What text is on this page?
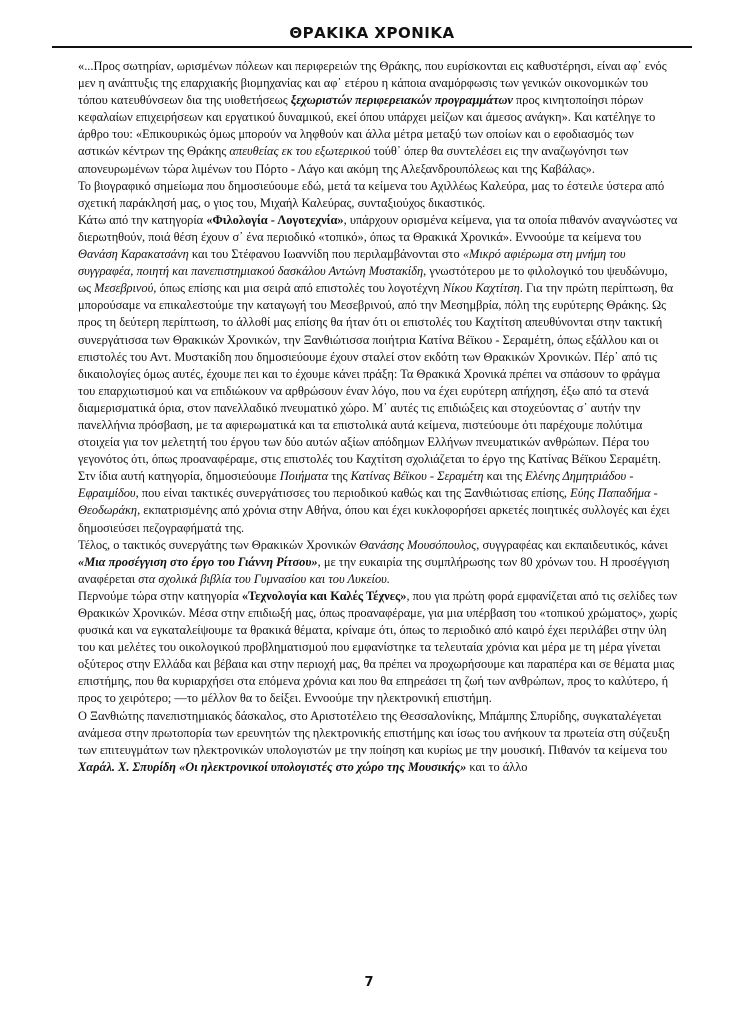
ΘΡΑΚΙΚΑ ΧΡΟΝΙΚΑ

«...Προς σωτηρίαν, ωρισμένων πόλεων και περιφερειών της Θράκης, που ευρίσκονται εις καθυστέρησι, είναι αφ᾽ ενός μεν η ανάπτυξις της επαρχιακής βιομηχανίας και αφ᾽ ετέρου η κάποια αναμόρφωσις των γενικών οικονομικών του τόπου κατευθύνσεων δια της υιοθετήσεως ξεχωριστών περιφερειακών προγραμμάτων προς κινητοποίησι πόρων κεφαλαίων επιχειρήσεων και εργατικού δυναμικού, εκεί όπου υπάρχει μείζων και άμεσος ανάγκη». Και κατέληγε το άρθρο του: «Επικουρικώς όμως μπορούν να ληφθούν και άλλα μέτρα μεταξύ των οποίων και ο εφοδιασμός των αστικών κέντρων της Θράκης απευθείας εκ του εξωτερικού τούθ᾽ όπερ θα συντελέσει εις την αναζωγόνησι των απονευρωμένων τώρα λιμένων του Πόρτο - Λάγο και ακόμη της Αλεξανδρουπόλεως και της Καβάλας».

Το βιογραφικό σημείωμα που δημοσιεύουμε εδώ, μετά τα κείμενα του Αχιλλέως Καλεύρα, μας το έστειλε ύστερα από σχετική παράκλησή μας, ο γιος του, Μιχαήλ Καλεύρας, συνταξιούχος δικαστικός.

Κάτω από την κατηγορία «Φιλολογία - Λογοτεχνία», υπάρχουν ορισμένα κείμενα, για τα οποία πιθανόν αναγνώστες να διερωτηθούν, ποιά θέση έχουν σ᾽ ένα περιοδικό «τοπικό», όπως τα Θρακικά Χρονικά». Εννοούμε τα κείμενα του Θανάση Καρακατσάνη και του Στέφανου Ιωαννίδη που περιλαμβάνονται στο «Μικρό αφιέρωμα στη μνήμη του συγγραφέα, ποιητή και πανεπιστημιακού δασκάλου Αντώνη Μυστακίδη, γνωστότερου με το φιλολογικό του ψευδώνυμο, ως Μεσεβρινού, όπως επίσης και μια σειρά από επιστολές του λογοτέχνη Νίκου Καχτίτση. Για την πρώτη περίπτωση, θα μπορούσαμε να επικαλεστούμε την καταγωγή του Μεσεβρινού, από την Μεσημβρία, πόλη της ευρύτερης Θράκης. Ως προς τη δεύτερη περίπτωση, το άλλοθί μας επίσης θα ήταν ότι οι επιστολές του Καχτίτση απευθύνονται στην τακτική συνεργάτισσα των Θρακικών Χρονικών, την Ξανθιώτισσα ποιήτρια Κατίνα Βέϊκου - Σεραμέτη, όπως εξάλλου και οι επιστολές του Αντ. Μυστακίδη που δημοσιεύουμε έχουν σταλεί στον εκδότη των Θρακικών Χρονικών. Πέρ᾽ από τις δικαιολογίες όμως αυτές, έχουμε πει και το έχουμε κάνει πράξη: Τα Θρακικά Χρονικά πρέπει να σπάσουν το φράγμα του επαρχιωτισμού και να επιδιώκουν να αρθρώσουν έναν λόγο, που να έχει ευρύτερη απήχηση, έξω από τα στενά διαμερισματικά όρια, στον πανελλαδικό πνευματικό χώρο. Μ᾽ αυτές τις επιδιώξεις και στοχεύοντας σ᾽ αυτήν την πανελλήνια πρόσβαση, με τα αφιερωματικά και τα επιστολικά αυτά κείμενα, πιστεύουμε ότι παρέχουμε πολύτιμα στοιχεία για τον μελετητή του έργου των δύο αυτών αξίων απόδημων Ελλήνων πνευματικών ανθρώπων. Πέρα του γεγονότος ότι, όπως προαναφέραμε, στις επιστολές του Καχτίτση σχολιάζεται το έργο της Κατίνας Βέϊκου Σεραμέτη.

Στν ίδια αυτή κατηγορία, δημοσιεύουμε Ποιήματα της Κατίνας Βέϊκου - Σεραμέτη και της Ελένης Δημητριάδου - Εφραιμίδου, που είναι τακτικές συνεργάτισσες του περιοδικού καθώς και της Ξανθιώτισας επίσης, Εύης Παπαδήμα - Θεοδωράκη, εκπατρισμένης από χρόνια στην Αθήνα, όπου και έχει κυκλοφορήσει αρκετές ποιητικές συλλογές και έχει δημοσιεύσει πεζογραφήματά της.

Τέλος, ο τακτικός συνεργάτης των Θρακικών Χρονικών Θανάσης Μουσόπουλος, συγγραφέας και εκπαιδευτικός, κάνει «Μια προσέγγιση στο έργο του Γιάννη Ρίτσου», με την ευκαιρία της συμπλήρωσης των 80 χρόνων του. Η προσέγγιση αναφέρεται στα σχολικά βιβλία του Γυμνασίου και του Λυκείου.

Περνούμε τώρα στην κατηγορία «Τεχνολογία και Καλές Τέχνες», που για πρώτη φορά εμφανίζεται από τις σελίδες των Θρακικών Χρονικών. Μέσα στην επιδιωξή μας, όπως προαναφέραμε, για μια υπέρβαση του «τοπικού χρώματος», χωρίς φυσικά και να εγκαταλείψουμε τα θρακικά θέματα, κρίναμε ότι, όπως το περιοδικό από καιρό έχει περιλάβει στην ύλη του και μελέτες του οικολογικού προβληματισμού που εμφανίστηκε τα τελευταία χρόνια και μέρα με τη μέρα γίνεται οξύτερος στην Ελλάδα και βέβαια και στην περιοχή μας, θα πρέπει να προχωρήσουμε και παραπέρα και σε θέματα μιας επιστήμης, που θα κυριαρχήσει στα επόμενα χρόνια και που θα επηρεάσει τη ζωή των ανθρώπων, προς το καλύτερο, ή προς το χειρότερο; —το μέλλον θα το δείξει. Εννοούμε την ηλεκτρονική επιστήμη.

Ο Ξανθιώτης πανεπιστημιακός δάσκαλος, στο Αριστοτέλειο της Θεσσαλονίκης, Μπάμπης Σπυρίδης, συγκαταλέγεται ανάμεσα στην πρωτοπορία των ερευνητών της ηλεκτρονικής επιστήμης και ίσως του ανήκουν τα πρωτεία στη σύζευξη των επιτευγμάτων των ηλεκτρονικών υπολογιστών με την ποίηση και κυρίως με την μουσική. Πιθανόν τα κείμενα του Χαράλ. Χ. Σπυρίδη «Οι ηλεκτρονικοί υπολογιστές στο χώρο της Μουσικής» και το άλλο

7
